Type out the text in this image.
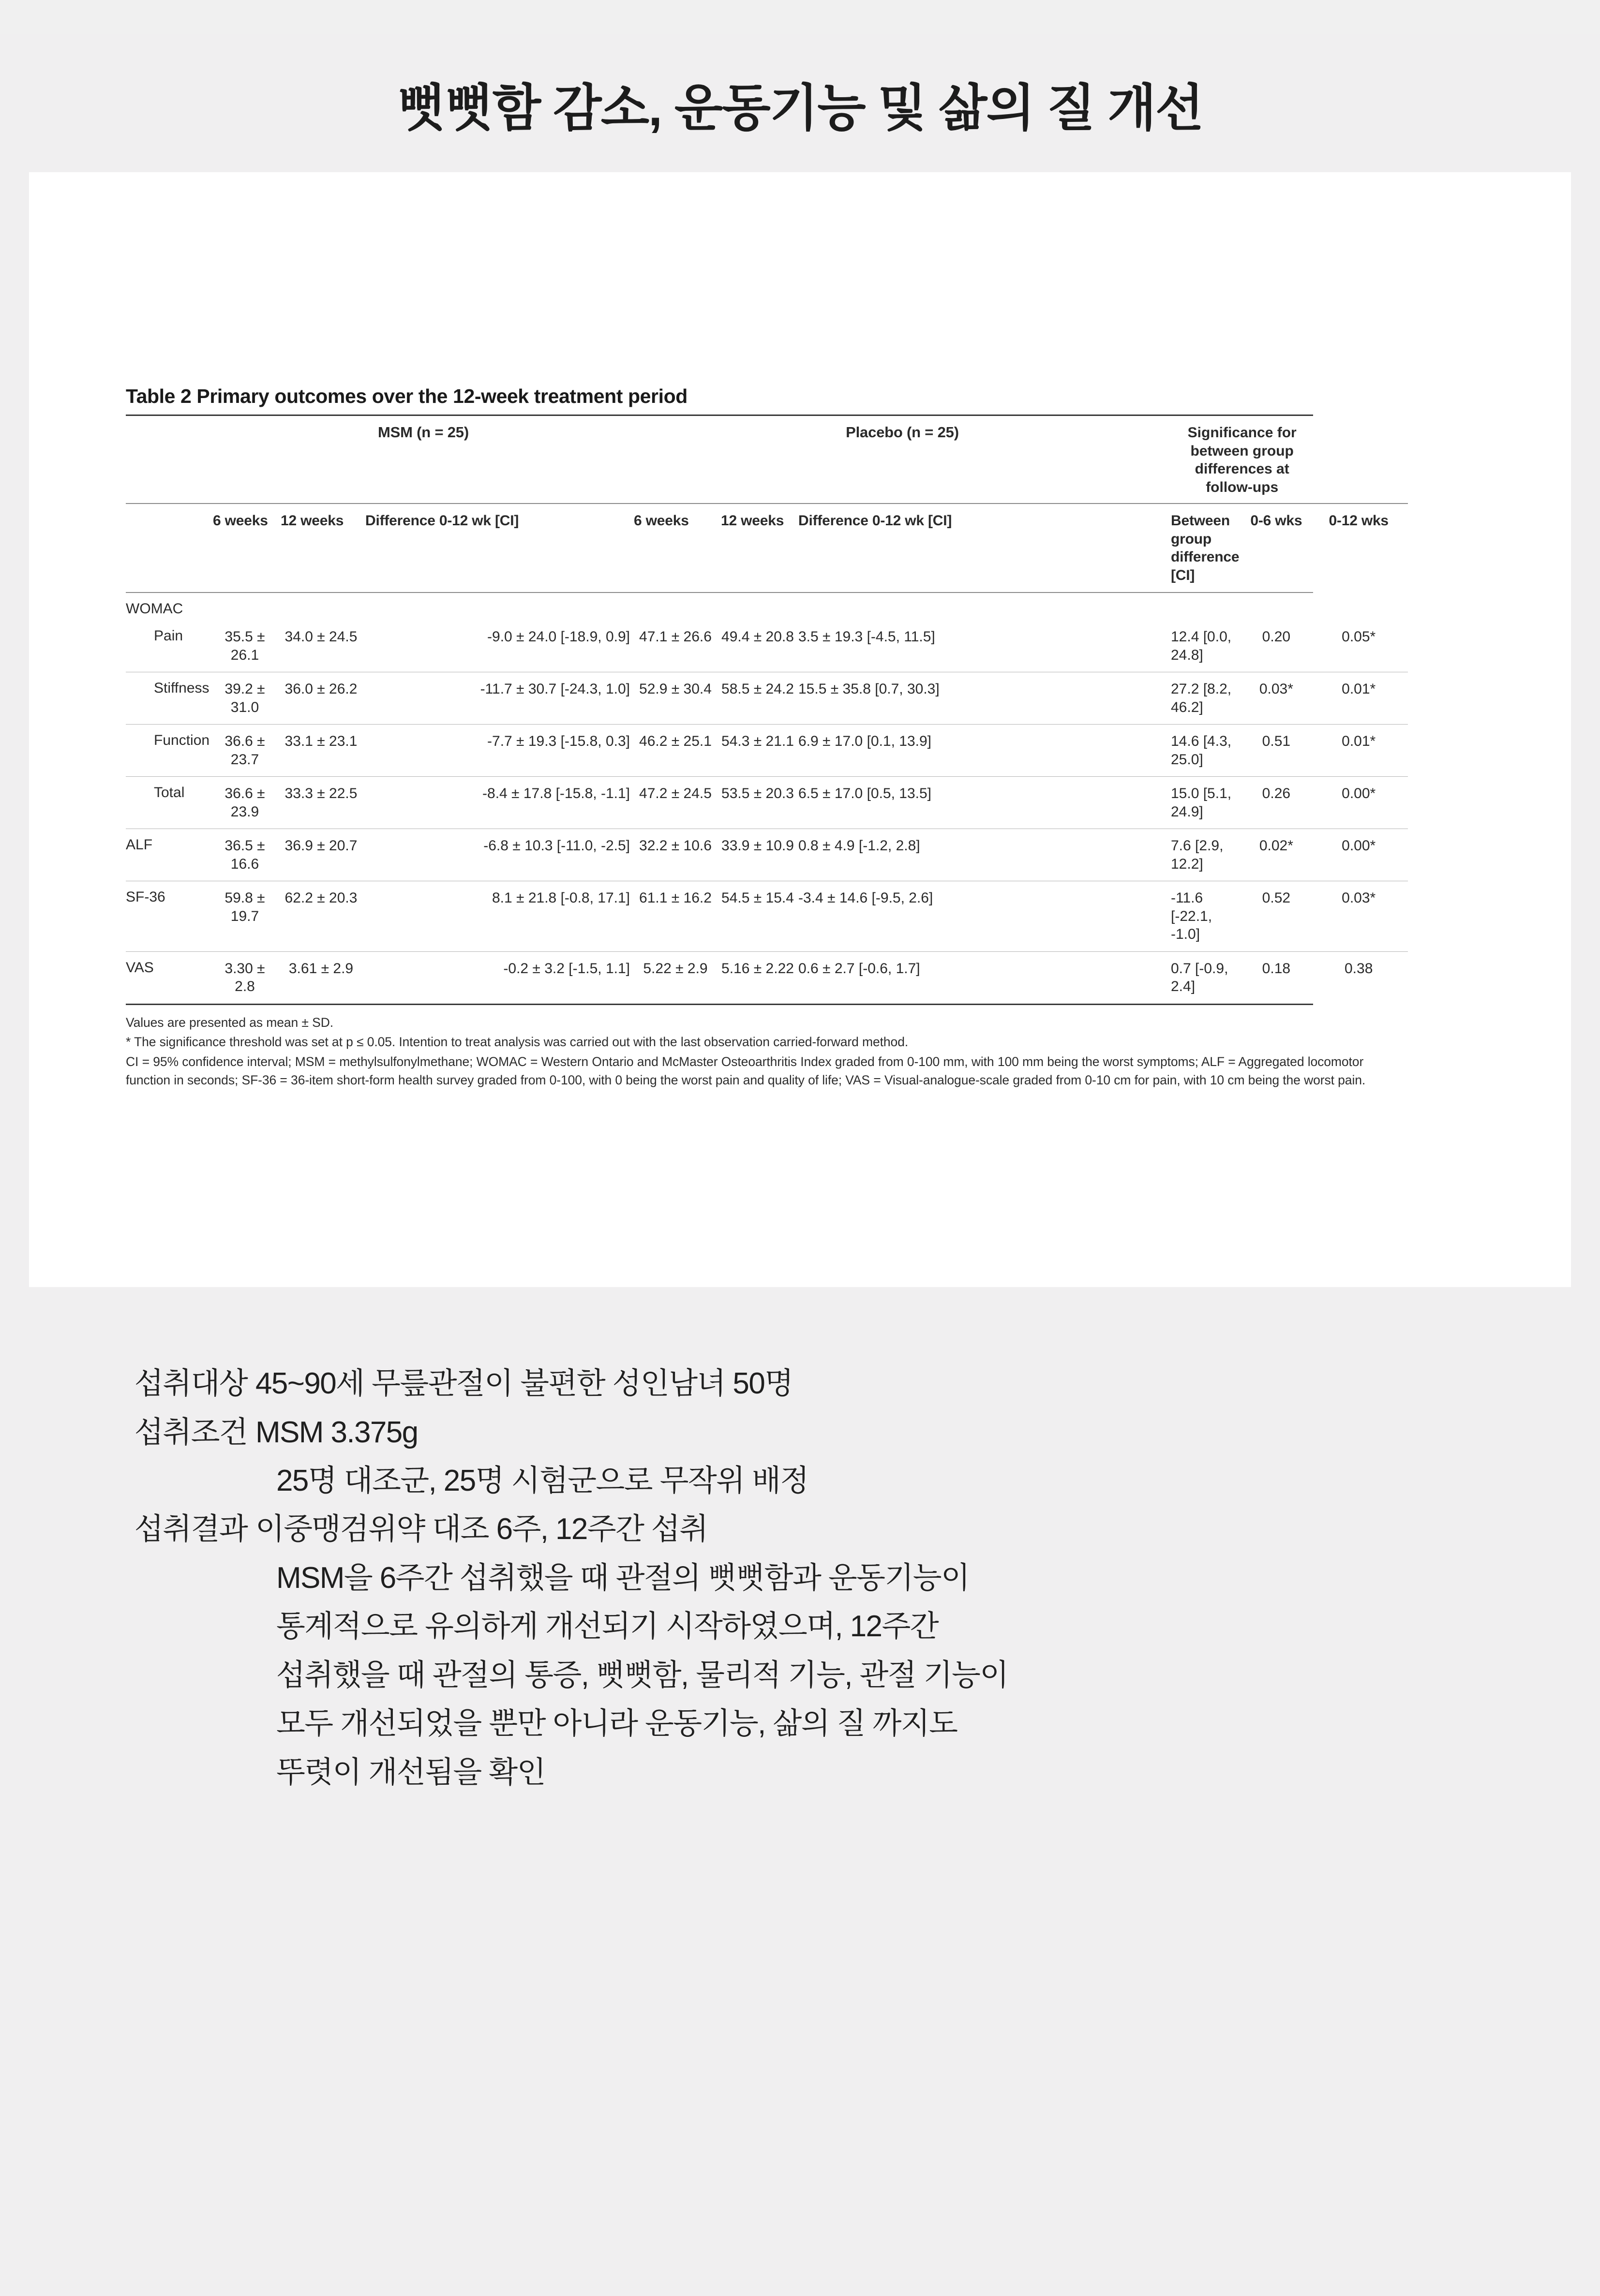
뻣뻣함 감소, 운동기능 및 삶의 질 개선
Table 2 Primary outcomes over the 12-week treatment period
	MSM (n = 25)			Placebo (n = 25)			Significance for between group differences at follow-ups		
	6 weeks	12 weeks	Difference 0-12 wk [CI]	6 weeks	12 weeks	Difference 0-12 wk [CI]	Between group difference [CI]	0-6 wks	0-12 wks
WOMAC									
Pain	35.5 ± 26.1	34.0 ± 24.5	-9.0 ± 24.0 [-18.9, 0.9]	47.1 ± 26.6	49.4 ± 20.8	3.5 ± 19.3 [-4.5, 11.5]	12.4 [0.0, 24.8]	0.20	0.05*
Stiffness	39.2 ± 31.0	36.0 ± 26.2	-11.7 ± 30.7 [-24.3, 1.0]	52.9 ± 30.4	58.5 ± 24.2	15.5 ± 35.8 [0.7, 30.3]	27.2 [8.2, 46.2]	0.03*	0.01*
Function	36.6 ± 23.7	33.1 ± 23.1	-7.7 ± 19.3 [-15.8, 0.3]	46.2 ± 25.1	54.3 ± 21.1	6.9 ± 17.0 [0.1, 13.9]	14.6 [4.3, 25.0]	0.51	0.01*
Total	36.6 ± 23.9	33.3 ± 22.5	-8.4 ± 17.8 [-15.8, -1.1]	47.2 ± 24.5	53.5 ± 20.3	6.5 ± 17.0 [0.5, 13.5]	15.0 [5.1, 24.9]	0.26	0.00*
ALF	36.5 ± 16.6	36.9 ± 20.7	-6.8 ± 10.3 [-11.0, -2.5]	32.2 ± 10.6	33.9 ± 10.9	0.8 ± 4.9 [-1.2, 2.8]	7.6 [2.9, 12.2]	0.02*	0.00*
SF-36	59.8 ± 19.7	62.2 ± 20.3	8.1 ± 21.8 [-0.8, 17.1]	61.1 ± 16.2	54.5 ± 15.4	-3.4 ± 14.6 [-9.5, 2.6]	-11.6 [-22.1, -1.0]	0.52	0.03*
VAS	3.30 ± 2.8	3.61 ± 2.9	-0.2 ± 3.2 [-1.5, 1.1]	5.22 ± 2.9	5.16 ± 2.22	0.6 ± 2.7 [-0.6, 1.7]	0.7 [-0.9, 2.4]	0.18	0.38

Values are presented as mean ± SD.

* The significance threshold was set at p ≤ 0.05. Intention to treat analysis was carried out with the last observation carried-forward method.

CI = 95% confidence interval; MSM = methylsulfonylmethane; WOMAC = Western Ontario and McMaster Osteoarthritis Index graded from 0-100 mm, with 100 mm being the worst symptoms; ALF = Aggregated locomotor function in seconds; SF-36 = 36-item short-form health survey graded from 0-100, with 0 being the worst pain and quality of life; VAS = Visual-analogue-scale graded from 0-10 cm for pain, with 10 cm being the worst pain.

섭취대상 45~90세 무릎관절이 불편한 성인남녀 50명
섭취조건 MSM 3.375g
25명 대조군, 25명 시험군으로 무작위 배정
섭취결과 이중맹검위약 대조 6주, 12주간 섭취
MSM을 6주간 섭취했을 때 관절의 뻣뻣함과 운동기능이
통계적으로 유의하게 개선되기 시작하였으며, 12주간
섭취했을 때 관절의 통증, 뻣뻣함, 물리적 기능, 관절 기능이
모두 개선되었을 뿐만 아니라 운동기능, 삶의 질 까지도
뚜렷이 개선됨을 확인
